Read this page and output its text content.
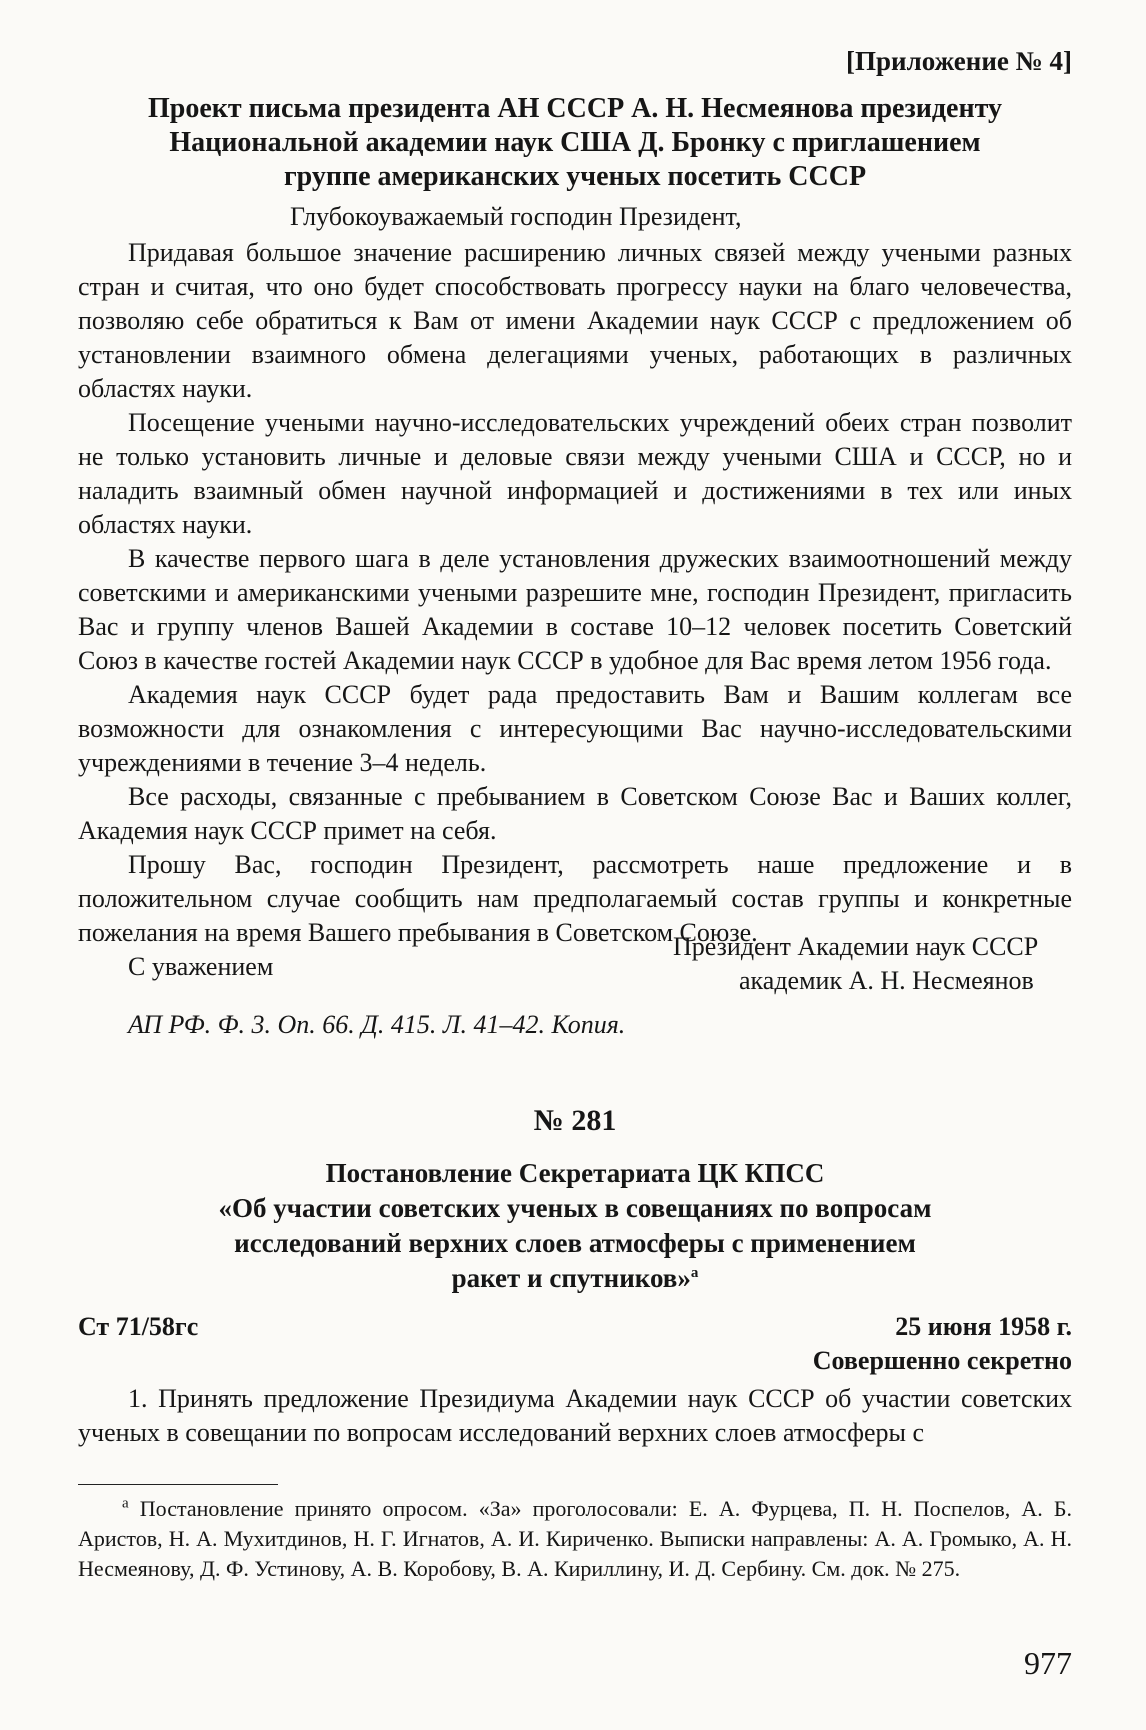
[Приложение № 4]
Проект письма президента АН СССР А. Н. Несмеянова президенту
Национальной академии наук США Д. Бронку с приглашением
группе американских ученых посетить СССР
Глубокоуважаемый господин Президент,

Придавая большое значение расширению личных связей между учеными разных стран и считая, что оно будет способствовать прогрессу науки на благо человечества, позволяю себе обратиться к Вам от имени Академии наук СССР с предложением об установлении взаимного обмена делегациями ученых, работающих в различных областях науки.

Посещение учеными научно-исследовательских учреждений обеих стран позволит не только установить личные и деловые связи между учеными США и СССР, но и наладить взаимный обмен научной информацией и достижениями в тех или иных областях науки.

В качестве первого шага в деле установления дружеских взаимоотношений между советскими и американскими учеными разрешите мне, господин Президент, пригласить Вас и группу членов Вашей Академии в составе 10–12 человек посетить Советский Союз в качестве гостей Академии наук СССР в удобное для Вас время летом 1956 года.

Академия наук СССР будет рада предоставить Вам и Вашим коллегам все возможности для ознакомления с интересующими Вас научно-исследовательскими учреждениями в течение 3–4 недель.

Все расходы, связанные с пребыванием в Советском Союзе Вас и Ваших коллег, Академия наук СССР примет на себя.

Прошу Вас, господин Президент, рассмотреть наше предложение и в положительном случае сообщить нам предполагаемый состав группы и конкретные пожелания на время Вашего пребывания в Советском Союзе.

С уважением

Президент Академии наук СССР
академик А. Н. Несмеянов
АП РФ. Ф. 3. Оп. 66. Д. 415. Л. 41–42. Копия.
№ 281
Постановление Секретариата ЦК КПСС
«Об участии советских ученых в совещаниях по вопросам
исследований верхних слоев атмосферы с применением
ракет и спутников»$^а$
Ст 71/58гс	25 июня 1958 г.
Совершенно секретно
1. Принять предложение Президиума Академии наук СССР об участии советских ученых в совещании по вопросам исследований верхних слоев атмосферы с
$^а$ Постановление принято опросом. «За» проголосовали: Е. А. Фурцева, П. Н. Поспелов, А. Б. Аристов, Н. А. Мухитдинов, Н. Г. Игнатов, А. И. Кириченко. Выписки направлены: А. А. Громыко, А. Н. Несмеянову, Д. Ф. Устинову, А. В. Коробову, В. А. Кириллину, И. Д. Сербину. См. док. № 275.
977
